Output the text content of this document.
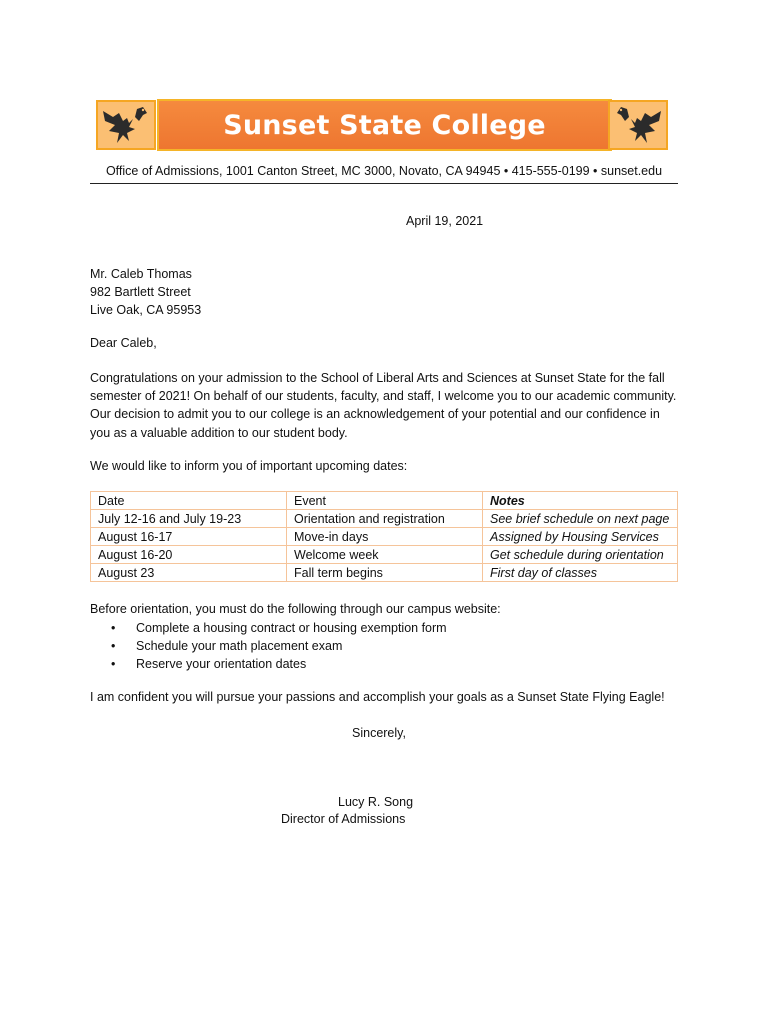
Sunset State College
Office of Admissions, 1001 Canton Street, MC 3000, Novato, CA 94945 • 415-555-0199 • sunset.edu
April 19, 2021
Mr. Caleb Thomas
982 Bartlett Street
Live Oak, CA 95953
Dear Caleb,
Congratulations on your admission to the School of Liberal Arts and Sciences at Sunset State for the fall semester of 2021! On behalf of our students, faculty, and staff, I welcome you to our academic community. Our decision to admit you to our college is an acknowledgement of your potential and our confidence in you as a valuable addition to our student body.
We would like to inform you of important upcoming dates:
Date	Event	Notes
July 12-16 and July 19-23	Orientation and registration	See brief schedule on next page
August 16-17	Move-in days	Assigned by Housing Services
August 16-20	Welcome week	Get schedule during orientation
August 23	Fall term begins	First day of classes
Before orientation, you must do the following through our campus website:
•	Complete a housing contract or housing exemption form
•	Schedule your math placement exam
•	Reserve your orientation dates
I am confident you will pursue your passions and accomplish your goals as a Sunset State Flying Eagle!
Sincerely,
Lucy R. Song
Director of Admissions
